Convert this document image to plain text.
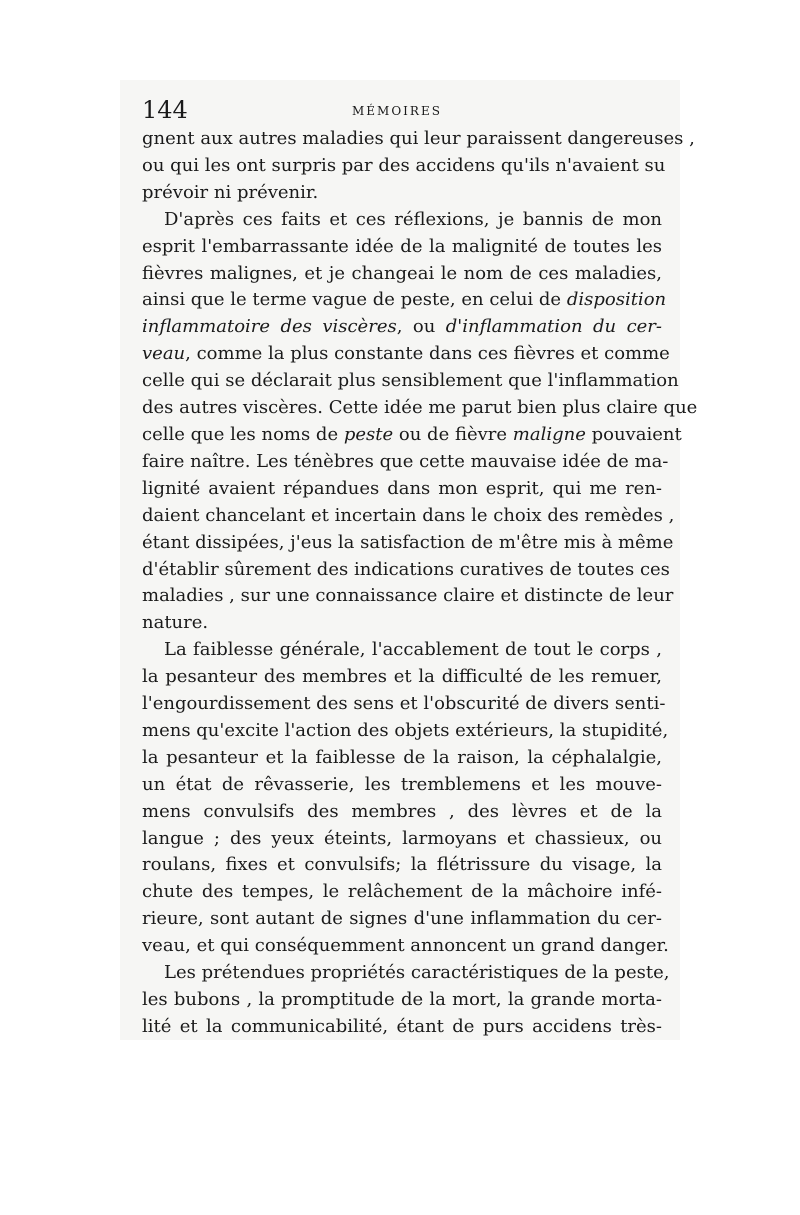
144	MÉMOIRES
gnent aux autres maladies qui leur paraissent dangereuses ,
ou qui les ont surpris par des accidens qu'ils n'avaient su
prévoir ni prévenir.
D'après ces faits et ces réflexions, je bannis de mon
esprit l'embarrassante idée de la malignité de toutes les
fièvres malignes, et je changeai le nom de ces maladies,
ainsi que le terme vague de peste, en celui de disposition
inflammatoire des viscères, ou d'inflammation du cer-
veau, comme la plus constante dans ces fièvres et comme
celle qui se déclarait plus sensiblement que l'inflammation
des autres viscères. Cette idée me parut bien plus claire que
celle que les noms de peste ou de fièvre maligne pouvaient
faire naître. Les ténèbres que cette mauvaise idée de ma-
lignité avaient répandues dans mon esprit, qui me ren-
daient chancelant et incertain dans le choix des remèdes ,
étant dissipées, j'eus la satisfaction de m'être mis à même
d'établir sûrement des indications curatives de toutes ces
maladies , sur une connaissance claire et distincte de leur
nature.
La faiblesse générale, l'accablement de tout le corps ,
la pesanteur des membres et la difficulté de les remuer,
l'engourdissement des sens et l'obscurité de divers senti-
mens qu'excite l'action des objets extérieurs, la stupidité,
la pesanteur et la faiblesse de la raison, la céphalalgie,
un état de rêvasserie, les tremblemens et les mouve-
mens convulsifs des membres , des lèvres et de la
langue ; des yeux éteints, larmoyans et chassieux, ou
roulans, fixes et convulsifs; la flétrissure du visage, la
chute des tempes, le relâchement de la mâchoire infé-
rieure, sont autant de signes d'une inflammation du cer-
veau, et qui conséquemment annoncent un grand danger.
Les prétendues propriétés caractéristiques de la peste,
les bubons , la promptitude de la mort, la grande morta-
lité et la communicabilité, étant de purs accidens très-
